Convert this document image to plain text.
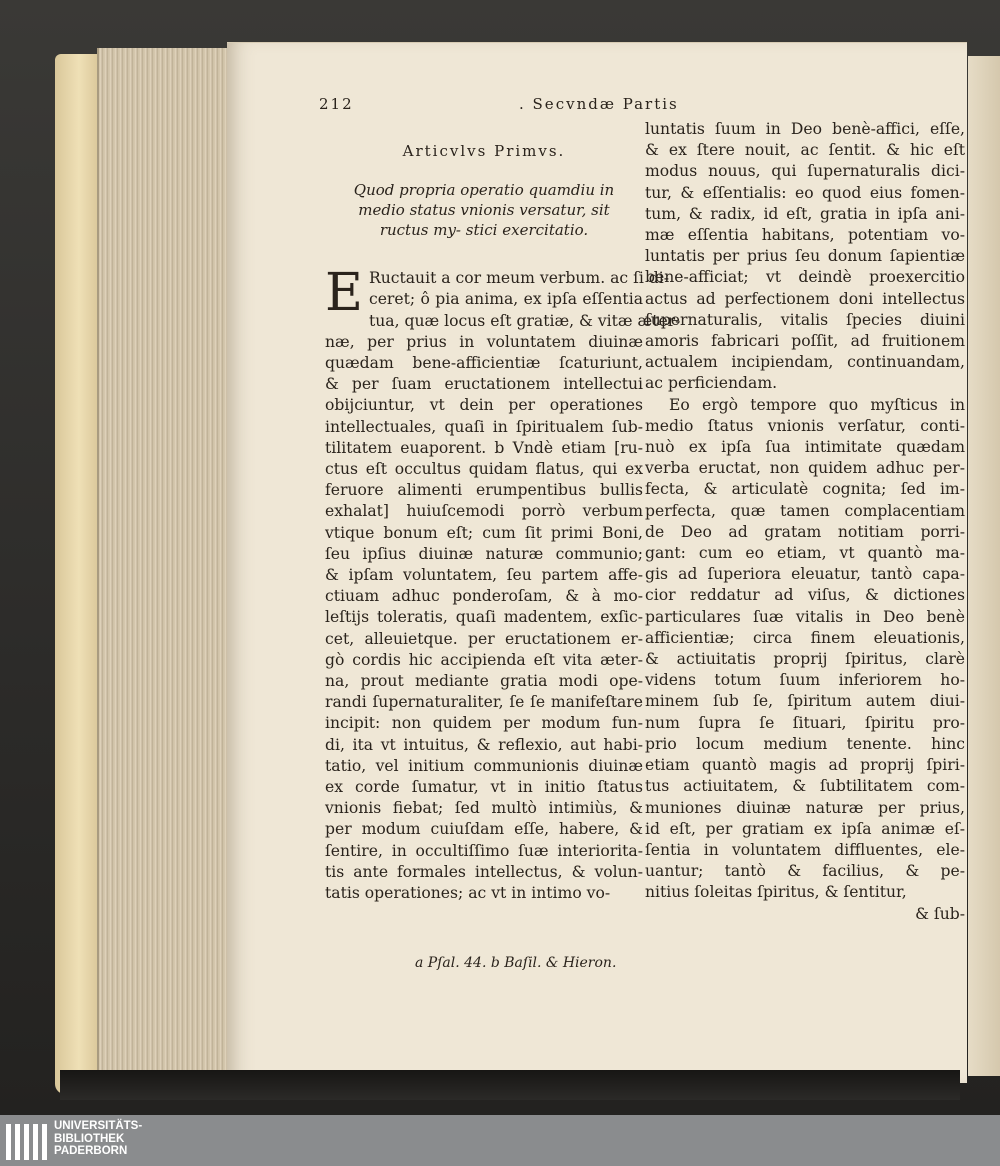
212	. Secvndæ Partis
Articvlvs Primvs.
Quod propria operatio quamdiu in medio status vnionis versatur, sit ructus my- stici exercitatio.
E Ructauit a cor meum verbum. ac ſi di-
ceret; ô pia anima, ex ipſa eſſentia
tua, quæ locus eſt gratiæ, & vitæ æter-
næ, per prius in voluntatem diuinæ
quædam bene-afficientiæ ſcaturiunt,
& per ſuam eructationem intellectui
obijciuntur, vt dein per operationes
intellectuales, quaſi in ſpiritualem ſub-
tilitatem euaporent. b Vndè etiam [ru-
ctus eſt occultus quidam flatus, qui ex
feruore alimenti erumpentibus bullis
exhalat] huiuſcemodi porrò verbum
vtique bonum eſt; cum ſit primi Boni,
ſeu ipſius diuinæ naturæ communio;
& ipſam voluntatem, ſeu partem affe-
ctiuam adhuc ponderoſam, & à mo-
leſtijs toleratis, quaſi madentem, exſic-
cet, alleuietque. per eructationem er-
gò cordis hic accipienda eſt vita æter-
na, prout mediante gratia modi ope-
randi ſupernaturaliter, ſe ſe manifeſtare
incipit: non quidem per modum fun-
di, ita vt intuitus, & reflexio, aut habi-
tatio, vel initium communionis diuinæ
ex corde ſumatur, vt in initio ſtatus
vnionis fiebat; ſed multò intimiùs, &
per modum cuiuſdam eſſe, habere, &
ſentire, in occultiſſimo ſuæ interiorita-
tis ante formales intellectus, & volun-
tatis operationes; ac vt in intimo vo-
a Pſal. 44. b Baſil. & Hieron.
luntatis ſuum in Deo benè-affici, eſſe,
& ex ſtere nouit, ac ſentit. & hic eſt
modus nouus, qui ſupernaturalis dici-
tur, & eſſentialis: eo quod eius fomen-
tum, & radix, id eſt, gratia in ipſa ani-
mæ eſſentia habitans, potentiam vo-
luntatis per prius ſeu donum ſapientiæ
bene-afficiat; vt deindè proexercitio
actus ad perfectionem doni intellectus
ſupernaturalis, vitalis ſpecies diuini
amoris fabricari poſſit, ad fruitionem
actualem incipiendam, continuandam,
ac perficiendam.
Eo ergò tempore quo myſticus in
medio ſtatus vnionis verſatur, conti-
nuò ex ipſa ſua intimitate quædam
verba eructat, non quidem adhuc per-
fecta, & articulatè cognita; ſed im-
perfecta, quæ tamen complacentiam
de Deo ad gratam notitiam porri-
gant: cum eo etiam, vt quantò ma-
gis ad ſuperiora eleuatur, tantò capa-
cior reddatur ad viſus, & dictiones
particulares ſuæ vitalis in Deo benè
afficientiæ; circa finem eleuationis,
& actiuitatis proprij ſpiritus, clarè
videns totum ſuum inferiorem ho-
minem ſub ſe, ſpiritum autem diui-
num ſupra ſe ſituari, ſpiritu pro-
prio locum medium tenente. hinc
etiam quantò magis ad proprij ſpiri-
tus actiuitatem, & ſubtilitatem com-
muniones diuinæ naturæ per prius,
id eſt, per gratiam ex ipſa animæ eſ-
ſentia in voluntatem diffluentes, ele-
uantur; tantò & facilius, & pe-
nitius ſoleitas ſpiritus, & ſentitur,
& ſub-
UNIVERSITÄTS-
BIBLIOTHEK
PADERBORN
